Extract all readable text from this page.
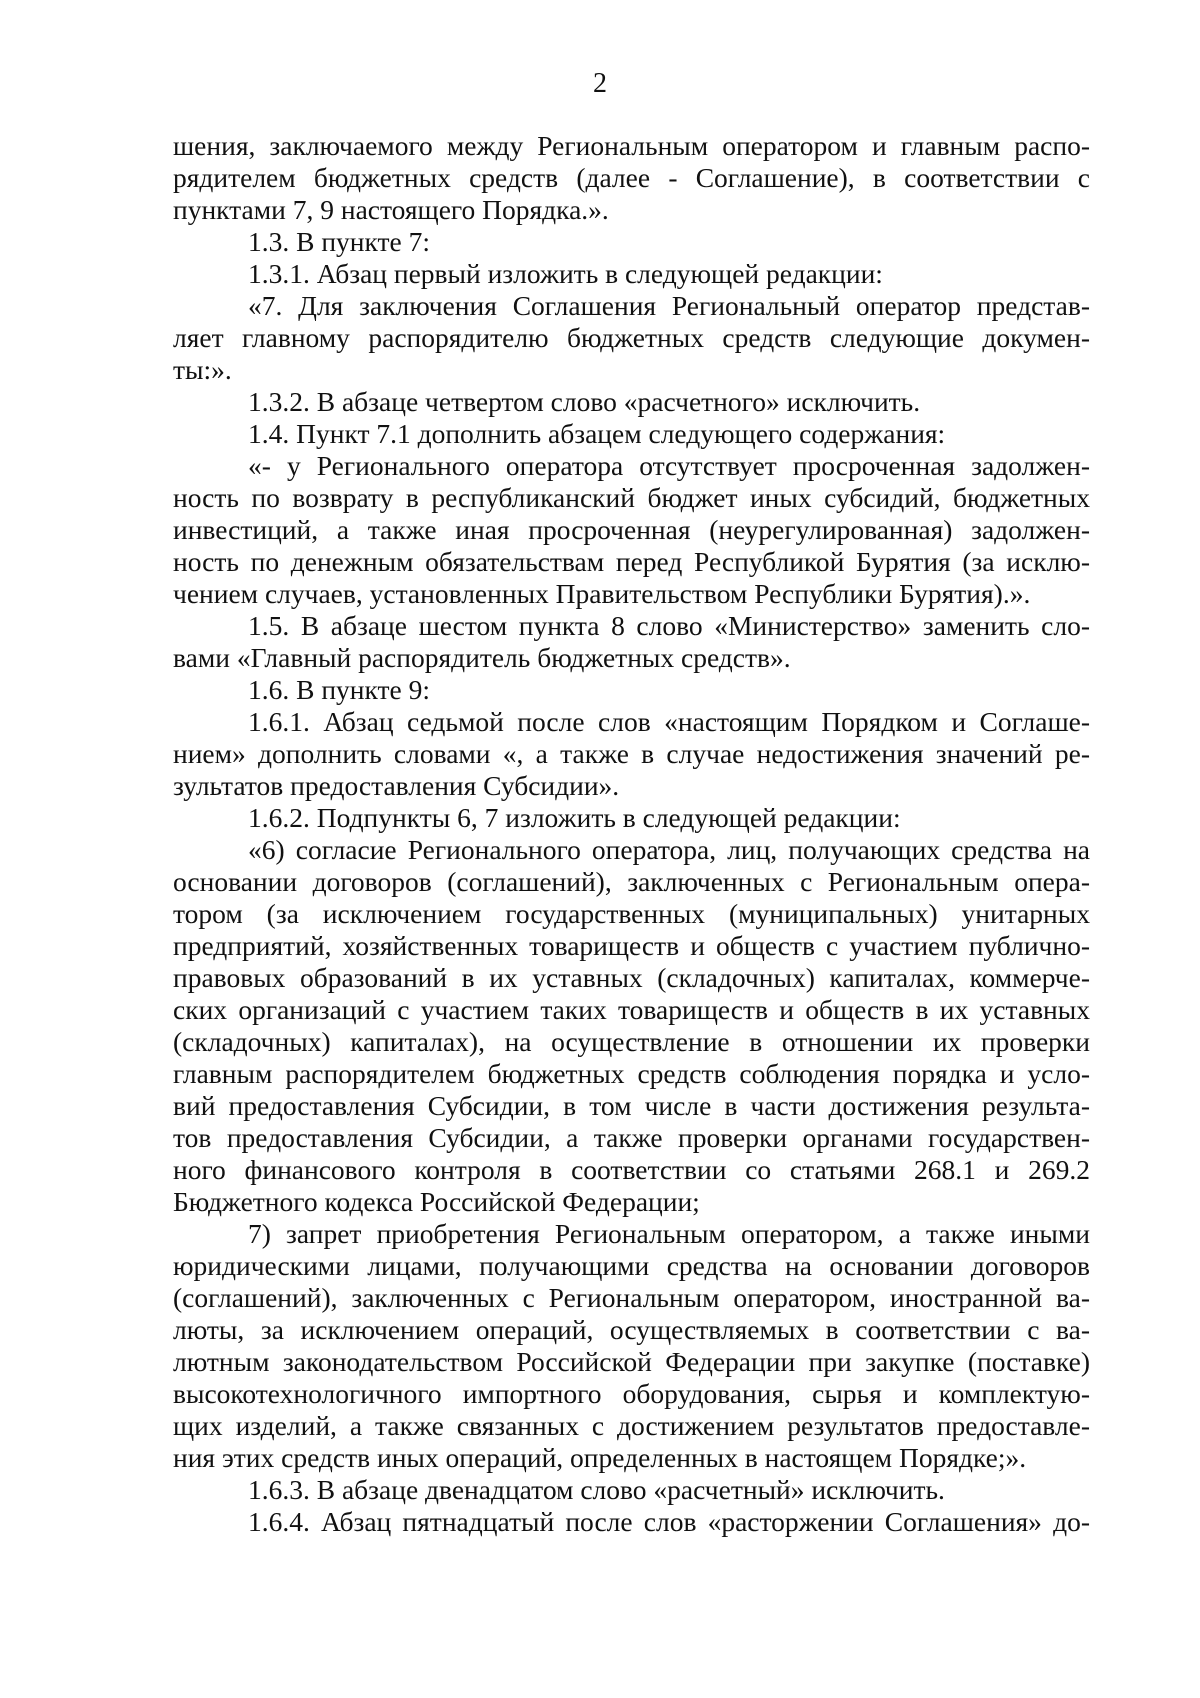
2
шения, заключаемого между Региональным оператором и главным распо-
рядителем бюджетных средств (далее - Соглашение), в соответствии с
пунктами 7, 9 настоящего Порядка.».
1.3. В пункте 7:
1.3.1. Абзац первый изложить в следующей редакции:
«7. Для заключения Соглашения Региональный оператор представ-
ляет главному распорядителю бюджетных средств следующие докумен-
ты:».
1.3.2. В абзаце четвертом слово «расчетного» исключить.
1.4. Пункт 7.1 дополнить абзацем следующего содержания:
«- у Регионального оператора отсутствует просроченная задолжен-
ность по возврату в республиканский бюджет иных субсидий, бюджетных
инвестиций, а также иная просроченная (неурегулированная) задолжен-
ность по денежным обязательствам перед Республикой Бурятия (за исклю-
чением случаев, установленных Правительством Республики Бурятия).».
1.5. В абзаце шестом пункта 8 слово «Министерство» заменить сло-
вами «Главный распорядитель бюджетных средств».
1.6. В пункте 9:
1.6.1. Абзац седьмой после слов «настоящим Порядком и Соглаше-
нием» дополнить словами «, а также в случае недостижения значений ре-
зультатов предоставления Субсидии».
1.6.2. Подпункты 6, 7 изложить в следующей редакции:
«6) согласие Регионального оператора, лиц, получающих средства на
основании договоров (соглашений), заключенных с Региональным опера-
тором (за исключением государственных (муниципальных) унитарных
предприятий, хозяйственных товариществ и обществ с участием публично-
правовых образований в их уставных (складочных) капиталах, коммерче-
ских организаций с участием таких товариществ и обществ в их уставных
(складочных) капиталах), на осуществление в отношении их проверки
главным распорядителем бюджетных средств соблюдения порядка и усло-
вий предоставления Субсидии, в том числе в части достижения результа-
тов предоставления Субсидии, а также проверки органами государствен-
ного финансового контроля в соответствии со статьями 268.1 и 269.2
Бюджетного кодекса Российской Федерации;
7) запрет приобретения Региональным оператором, а также иными
юридическими лицами, получающими средства на основании договоров
(соглашений), заключенных с Региональным оператором, иностранной ва-
люты, за исключением операций, осуществляемых в соответствии с ва-
лютным законодательством Российской Федерации при закупке (поставке)
высокотехнологичного импортного оборудования, сырья и комплектую-
щих изделий, а также связанных с достижением результатов предоставле-
ния этих средств иных операций, определенных в настоящем Порядке;».
1.6.3. В абзаце двенадцатом слово «расчетный» исключить.
1.6.4. Абзац пятнадцатый после слов «расторжении Соглашения» до-
